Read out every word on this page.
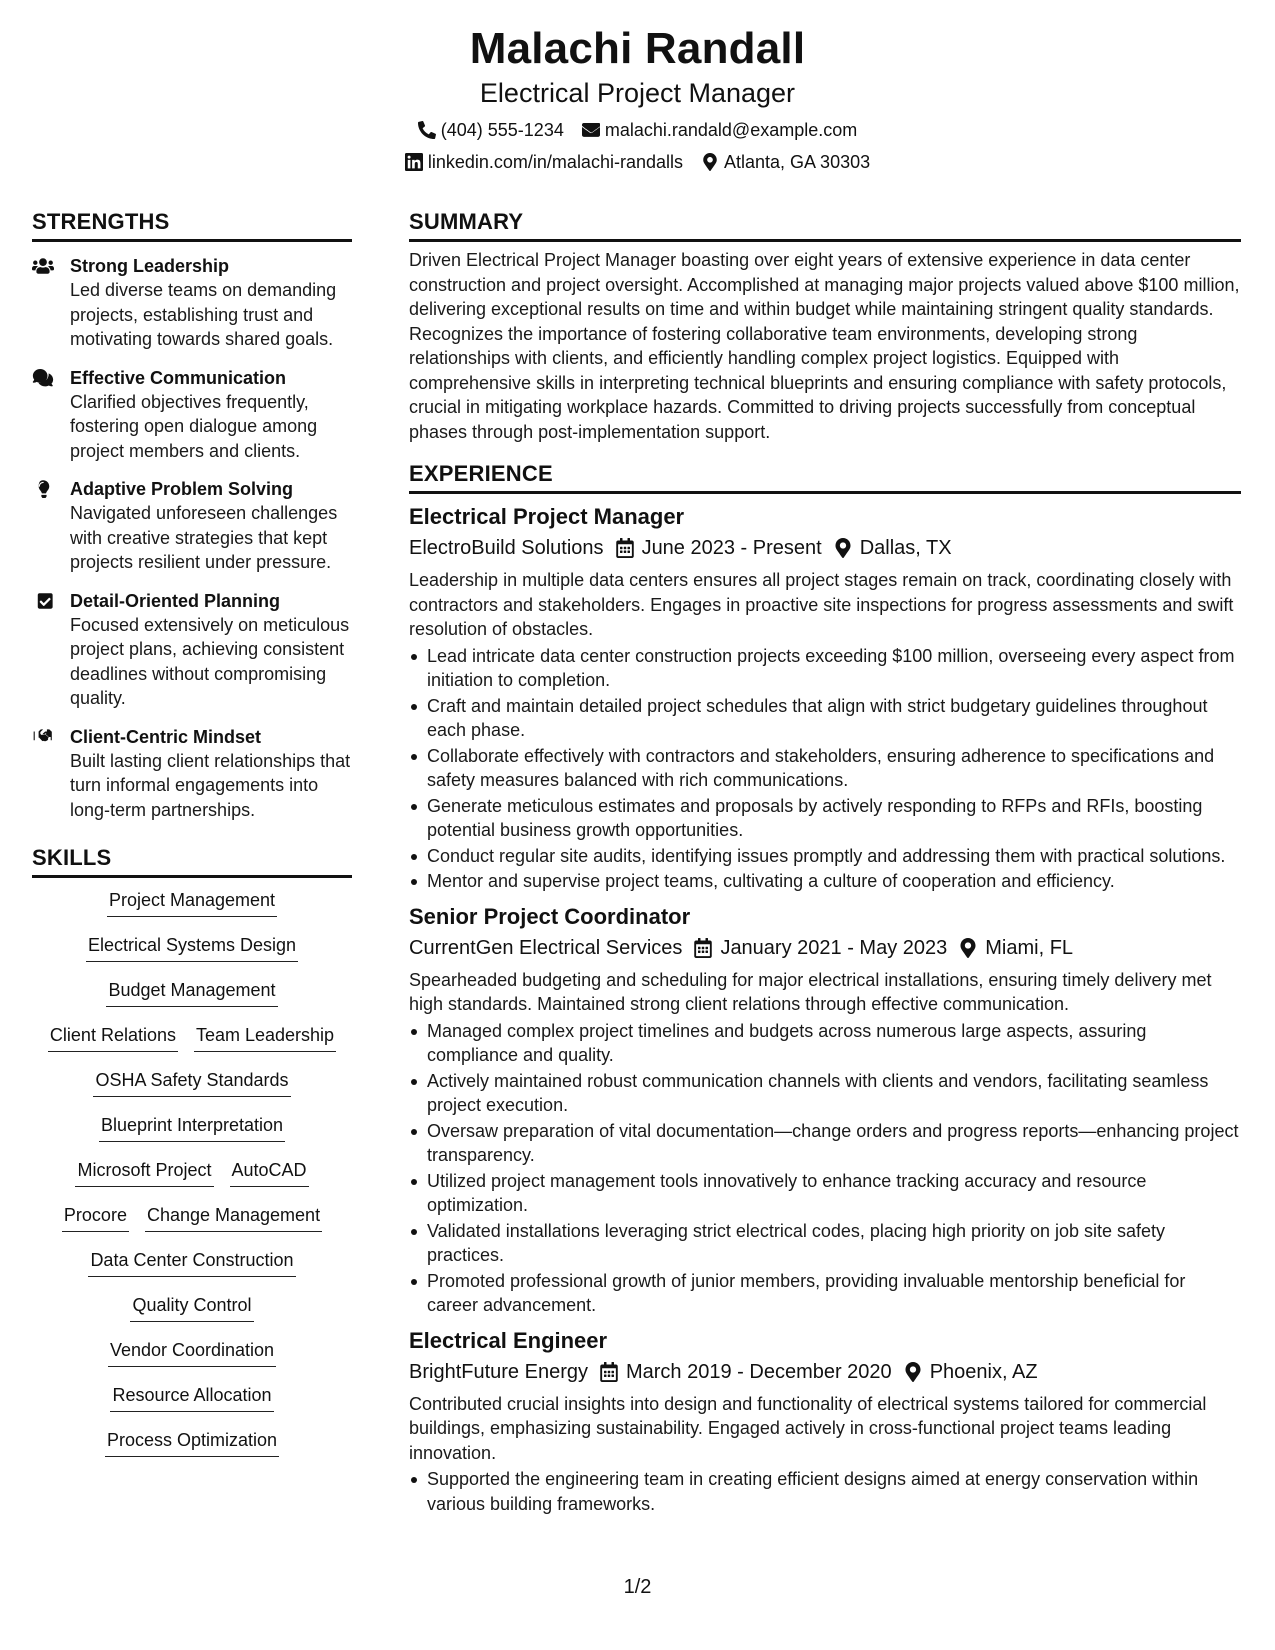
Malachi Randall
Electrical Project Manager
(404) 555-1234 malachi.randald@example.com
linkedin.com/in/malachi-randalls Atlanta, GA 30303
STRENGTHS
Strong Leadership
Led diverse teams on demanding projects, establishing trust and motivating towards shared goals.
Effective Communication
Clarified objectives frequently, fostering open dialogue among project members and clients.
Adaptive Problem Solving
Navigated unforeseen challenges with creative strategies that kept projects resilient under pressure.
Detail-Oriented Planning
Focused extensively on meticulous project plans, achieving consistent deadlines without compromising quality.
Client-Centric Mindset
Built lasting client relationships that turn informal engagements into long-term partnerships.
SKILLS
Project Management
Electrical Systems Design
Budget Management
Client Relations Team Leadership
OSHA Safety Standards
Blueprint Interpretation
Microsoft Project AutoCAD
Procore Change Management
Data Center Construction
Quality Control
Vendor Coordination
Resource Allocation
Process Optimization
SUMMARY

Driven Electrical Project Manager boasting over eight years of extensive experience in data center construction and project oversight. Accomplished at managing major projects valued above $100 million, delivering exceptional results on time and within budget while maintaining stringent quality standards. Recognizes the importance of fostering collaborative team environments, developing strong relationships with clients, and efficiently handling complex project logistics. Equipped with comprehensive skills in interpreting technical blueprints and ensuring compliance with safety protocols, crucial in mitigating workplace hazards. Committed to driving projects successfully from conceptual phases through post-implementation support.

EXPERIENCE
Electrical Project Manager
ElectroBuild Solutions June 2023 - Present Dallas, TX

Leadership in multiple data centers ensures all project stages remain on track, coordinating closely with contractors and stakeholders. Engages in proactive site inspections for progress assessments and swift resolution of obstacles.

Lead intricate data center construction projects exceeding $100 million, overseeing every aspect from initiation to completion.
Craft and maintain detailed project schedules that align with strict budgetary guidelines throughout each phase.
Collaborate effectively with contractors and stakeholders, ensuring adherence to specifications and safety measures balanced with rich communications.
Generate meticulous estimates and proposals by actively responding to RFPs and RFIs, boosting potential business growth opportunities.
Conduct regular site audits, identifying issues promptly and addressing them with practical solutions.
Mentor and supervise project teams, cultivating a culture of cooperation and efficiency.
Senior Project Coordinator
CurrentGen Electrical Services January 2021 - May 2023 Miami, FL

Spearheaded budgeting and scheduling for major electrical installations, ensuring timely delivery met high standards. Maintained strong client relations through effective communication.

Managed complex project timelines and budgets across numerous large aspects, assuring compliance and quality.
Actively maintained robust communication channels with clients and vendors, facilitating seamless project execution.
Oversaw preparation of vital documentation—change orders and progress reports—enhancing project transparency.
Utilized project management tools innovatively to enhance tracking accuracy and resource optimization.
Validated installations leveraging strict electrical codes, placing high priority on job site safety practices.
Promoted professional growth of junior members, providing invaluable mentorship beneficial for career advancement.
Electrical Engineer
BrightFuture Energy March 2019 - December 2020 Phoenix, AZ

Contributed crucial insights into design and functionality of electrical systems tailored for commercial buildings, emphasizing sustainability. Engaged actively in cross-functional project teams leading innovation.

Supported the engineering team in creating efficient designs aimed at energy conservation within various building frameworks.
1/2
